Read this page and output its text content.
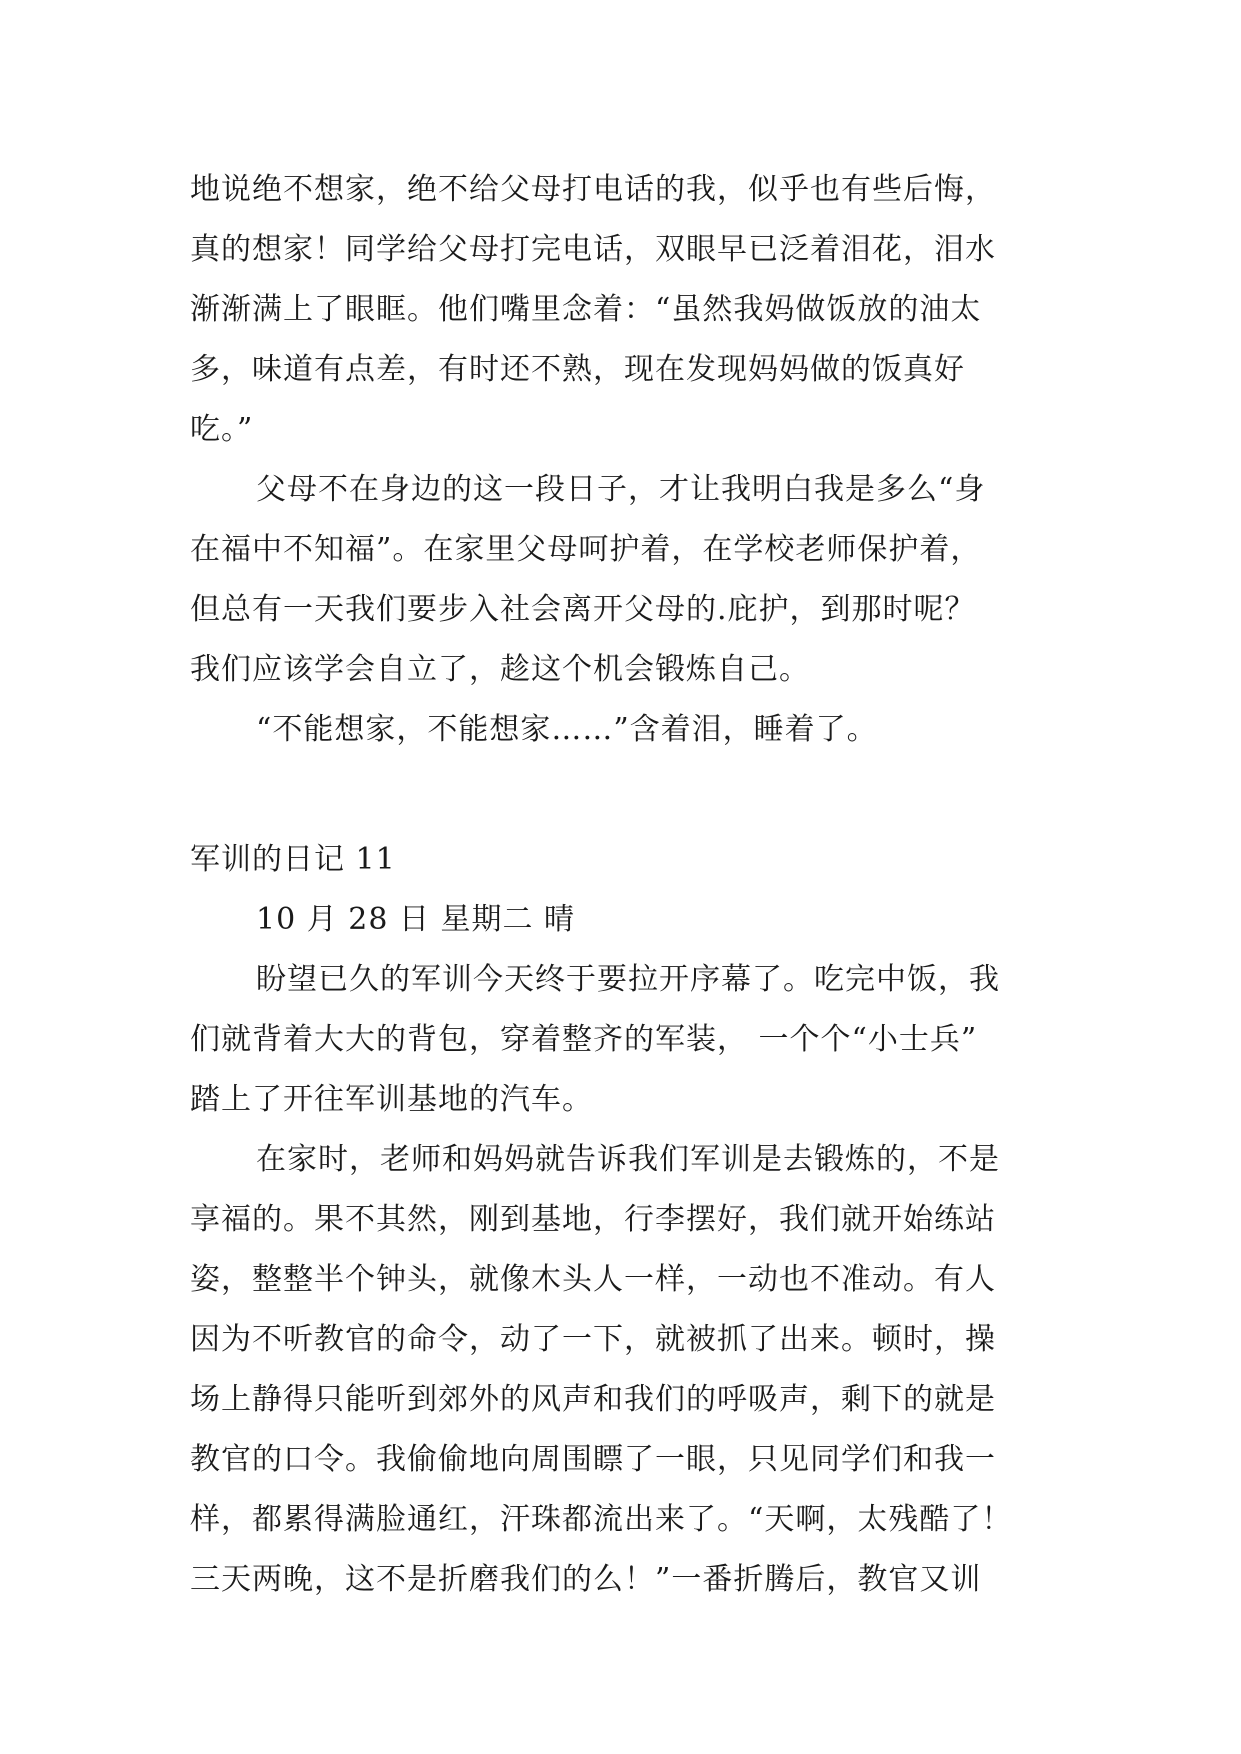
地说绝不想家，绝不给父母打电话的我，似乎也有些后悔，
真的想家！同学给父母打完电话，双眼早已泛着泪花，泪水
渐渐满上了眼眶。他们嘴里念着：“虽然我妈做饭放的油太
多，味道有点差，有时还不熟，现在发现妈妈做的饭真好
吃。”
父母不在身边的这一段日子，才让我明白我是多么“身
在福中不知福”。在家里父母呵护着，在学校老师保护着，
但总有一天我们要步入社会离开父母的.庇护，到那时呢？
我们应该学会自立了，趁这个机会锻炼自己。
“不能想家，不能想家……”含着泪，睡着了。
军训的日记 11
10 月 28 日 星期二 晴
盼望已久的军训今天终于要拉开序幕了。吃完中饭，我
们就背着大大的背包，穿着整齐的军装， 一个个“小士兵”
踏上了开往军训基地的汽车。
在家时，老师和妈妈就告诉我们军训是去锻炼的，不是
享福的。果不其然，刚到基地，行李摆好，我们就开始练站
姿，整整半个钟头，就像木头人一样，一动也不准动。有人
因为不听教官的命令，动了一下，就被抓了出来。顿时，操
场上静得只能听到郊外的风声和我们的呼吸声，剩下的就是
教官的口令。我偷偷地向周围瞟了一眼，只见同学们和我一
样，都累得满脸通红，汗珠都流出来了。“天啊，太残酷了！
三天两晚，这不是折磨我们的么！”一番折腾后，教官又训
